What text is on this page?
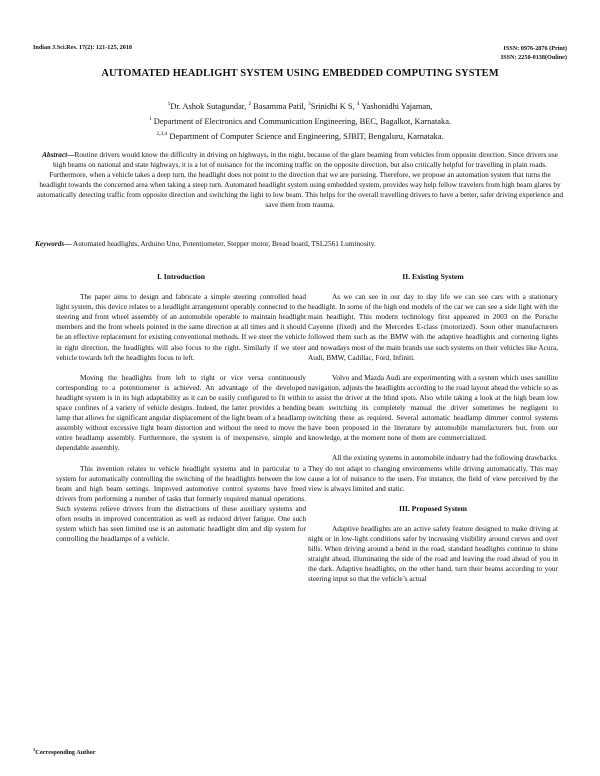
Indian J.Sci.Res. 17(2): 121-125, 2018	ISSN: 0976-2876 (Print)
ISSN: 2250-0138(Online)
AUTOMATED HEADLIGHT SYSTEM USING EMBEDDED COMPUTING SYSTEM
$^1$Dr. Ashok Sutagundar, $^2$ Basamma Patil, $^3$Srinidhi K S, $^4$ Yashonidhi Yajaman,
$^1$ Department of Electronics and Communication Engineering, BEC, Bagalkot, Karnataka.
$^{2,3,4}$ Department of Computer Science and Engineering, SJBIT, Bengaluru, Karnataka.
Abstract—Routine drivers would know the difficulty in driving on highways, in the night, because of the glare beaming from vehicles from opposite direction. Since drivers use high beams on national and state highways, it is a lot of nuisance for the incoming traffic on the opposite direction, but also critically helpful for travelling in plain roads. Furthermore, when a vehicle takes a deep turn, the headlight does not point to the direction that we are pursuing. Therefore, we propose an automation system that turns the headlight towards the concerned area when taking a steep turn. Automated headlight system using embedded system, provides way help fellow travelers from high beam glares by automatically detecting traffic from opposite direction and switching the light to low beam. This helps for the overall travelling drivers to have a better, safer driving experience and save them from trauma.
Keywords— Automated headlights, Arduino Uno, Potentiometer, Stepper motor, Bread board, TSL2561 Luminosity.
I. Introduction

The paper aims to design and fabricate a simple steering controlled head light system, this device relates to a headlight arrangement operably connected to the steering and front wheel assembly of an automobile operable to maintain headlight members and the front wheels pointed in the same direction at all times and it should be an effective replacement for existing conventional methods. If we steer the vehicle in right direction, the headlights will also focus to the right. Similarly if we steer vehicle towards left the headlights focus to left.

Moving the headlights from left to right or vice versa continuously corresponding to a potentiometer is achieved. An advantage of the developed headlight system is in its high adaptability as it can be easily configured to fit within space confines of a variety of vehicle designs. Indeed, the latter provides a bending lamp that allows for significant angular displacement of the light beam of a headlamp assembly without excessive light beam distortion and without the need to move the entire headlamp assembly. Furthermore, the system is of inexpensive, simple and dependable assembly.

This invention relates to vehicle headlight systems and in particular to a system for automatically controlling the switching of the headlights between the low beam and high beam settings. Improved automotive control systems have freed drivers from performing a number of tasks that formerly required manual operations. Such systems relieve drivers from the distractions of these auxiliary systems and often results in improved concentration as well as reduced driver fatigue. One such system which has seen limited use is an automatic headlight dim and dip system for controlling the headlamps of a vehicle.

II. Existing System

As we can see in our day to day life we can see cars with a stationary headlight. In some of the high end models of the car we can see a side light with the main headlight. This modern technology first appeared in 2003 on the Porsche Cayenne (fixed) and the Mercedes E-class (motorized). Soon other manufacturers followed them such as the BMW with the adaptive headlights and cornering lights and nowadays most of the main brands use such systems on their vehicles like Acura, Audi, BMW, Cadillac, Ford, Infiniti.

Volvo and Mazda Audi are experimenting with a system which uses satellite navigation, adjusts the headlights according to the road layout ahead the vehicle so as to assist the driver at the blind spots. Also while taking a look at the high beam low beam switching its completely manual the driver sometimes be negligent to switching these as required. Several automatic headlamp dimmer control systems have been proposed in the literature by automobile manufacturers but, from our knowledge, at the moment none of them are commercialized.

All the existing systems in automobile industry had the following drawbacks. They do not adapt to changing environments while driving automatically. This may cause a lot of nuisance to the users. For instance, the field of view perceived by the view is always limited and static.

III. Proposed System

Adaptive headlights are an active safety feature designed to make driving at night or in low-light conditions safer by increasing visibility around curves and over hills. When driving around a bend in the road, standard headlights continue to shine straight ahead, illuminating the side of the road and leaving the road ahead of you in the dark. Adaptive headlights, on the other hand, turn their beams according to your steering input so that the vehicle’s actual

$^1$Corresponding Author
